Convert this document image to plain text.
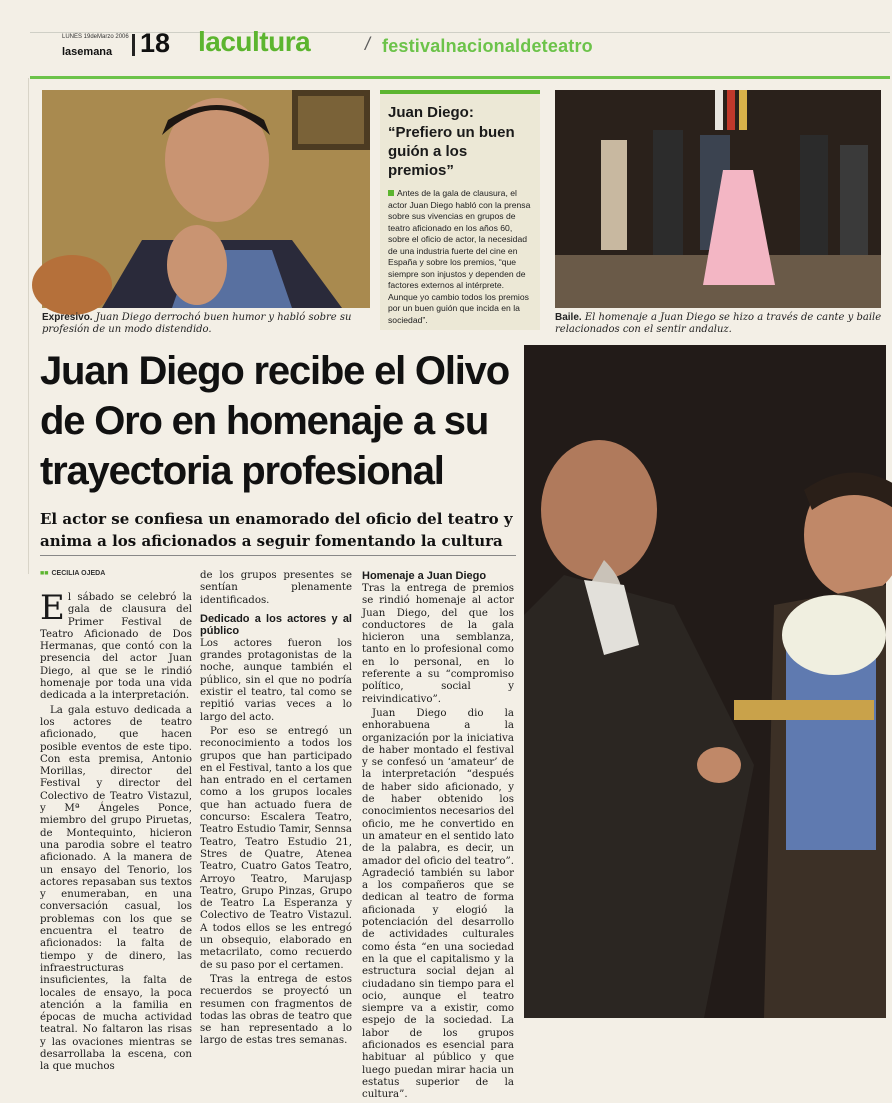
LUNES 19deMarzo 2006
lasemana 18 lacultura	/ festivalnacionaldeteatro
Expresivo. Juan Diego derrochó buen humor y habló sobre su profesión de un modo distendido.
Juan Diego:
“Prefiero un buen guión a los premios”
Antes de la gala de clausura, el actor Juan Diego habló con la prensa sobre sus vivencias en grupos de teatro aficionado en los años 60, sobre el oficio de actor, la necesidad de una industria fuerte del cine en España y sobre los premios, “que siempre son injustos y dependen de factores externos al intérprete. Aunque yo cambio todos los premios por un buen guión que incida en la sociedad”.	Baile. El homenaje a Juan Diego se hizo a través de cante y baile relacionados con el sentir andaluz.
Juan Diego recibe el Olivo de Oro en homenaje a su trayectoria profesional
El actor se confiesa un enamorado del oficio del teatro y anima a los aficionados a seguir fomentando la cultura
■■ CECILIA OJEDA

El sábado se celebró la gala de clausura del Primer Festival de Teatro Aficionado de Dos Hermanas, que contó con la presencia del actor Juan Diego, al que se le rindió homenaje por toda una vida dedicada a la interpretación.

La gala estuvo dedicada a los actores de teatro aficionado, que hacen posible eventos de este tipo. Con esta premisa, Antonio Morillas, director del Festival y director del Colectivo de Teatro Vistazul, y Mª Ángeles Ponce, miembro del grupo Piruetas, de Montequinto, hicieron una parodia sobre el teatro aficionado. A la manera de un ensayo del Tenorio, los actores repasaban sus textos y enumeraban, en una conversación casual, los problemas con los que se encuentra el teatro de aficionados: la falta de tiempo y de dinero, las infraestructuras insuficientes, la falta de locales de ensayo, la poca atención a la familia en épocas de mucha actividad teatral. No faltaron las risas y las ovaciones mientras se desarrollaba la escena, con la que muchos

de los grupos presentes se sentían plenamente identificados.

Dedicado a los actores y al público

Los actores fueron los grandes protagonistas de la noche, aunque también el público, sin el que no podría existir el teatro, tal como se repitió varias veces a lo largo del acto.

Por eso se entregó un reconocimiento a todos los grupos que han participado en el Festival, tanto a los que han entrado en el certamen como a los grupos locales que han actuado fuera de concurso: Escalera Teatro, Teatro Estudio Tamir, Sennsa Teatro, Teatro Estudio 21, Stres de Quatre, Atenea Teatro, Cuatro Gatos Teatro, Arroyo Teatro, Marujasp Teatro, Grupo Pinzas, Grupo de Teatro La Esperanza y Colectivo de Teatro Vistazul. A todos ellos se les entregó un obsequio, elaborado en metacrilato, como recuerdo de su paso por el certamen.

Tras la entrega de estos recuerdos se proyectó un resumen con fragmentos de todas las obras de teatro que se han representado a lo largo de estas tres semanas.

Homenaje a Juan Diego

Tras la entrega de premios se rindió homenaje al actor Juan Diego, del que los conductores de la gala hicieron una semblanza, tanto en lo profesional como en lo personal, en lo referente a su “compromiso político, social y reivindicativo”.

Juan Diego dio la enhorabuena a la organización por la iniciativa de haber montado el festival y se confesó un ‘amateur’ de la interpretación “después de haber sido aficionado, y de haber obtenido los conocimientos necesarios del oficio, me he convertido en un amateur en el sentido lato de la palabra, es decir, un amador del oficio del teatro”. Agradeció también su labor a los compañeros que se dedican al teatro de forma aficionada y elogió la potenciación del desarrollo de actividades culturales como ésta “en una sociedad en la que el capitalismo y la estructura social dejan al ciudadano sin tiempo para el ocio, aunque el teatro siempre va a existir, como espejo de la sociedad. La labor de los grupos aficionados es esencial para habituar al público y que luego puedan mirar hacia un estatus superior de la cultura”.
